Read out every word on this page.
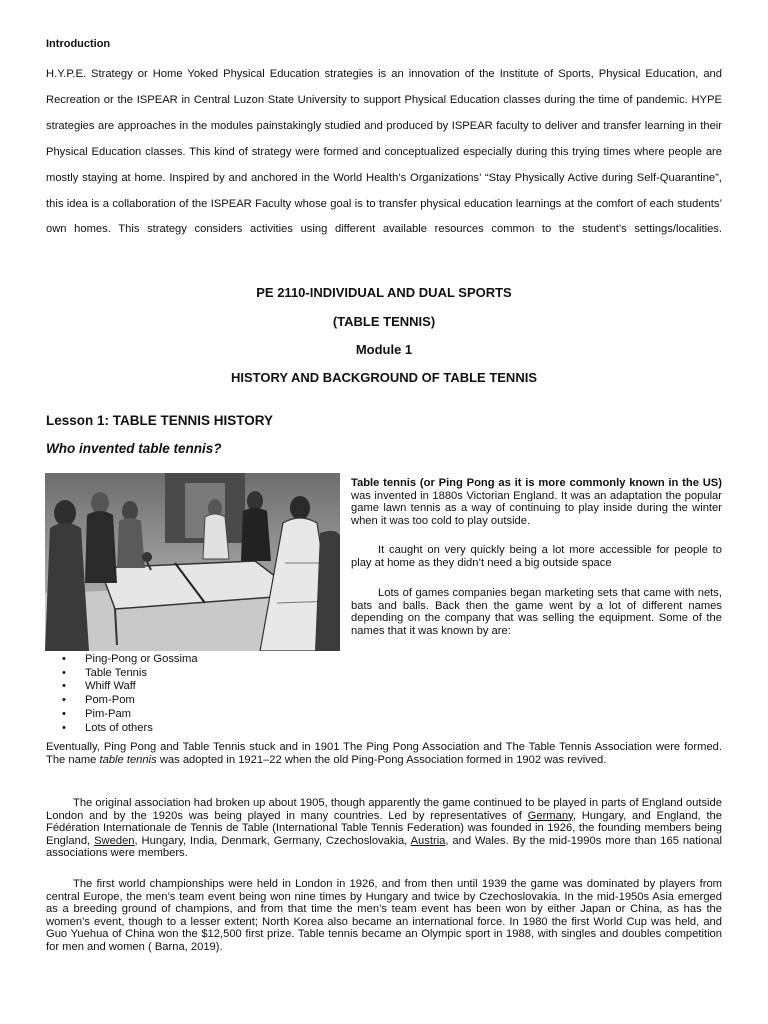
Introduction

H.Y.P.E. Strategy or Home Yoked Physical Education strategies is an innovation of the Institute of Sports, Physical Education, and Recreation or the ISPEAR in Central Luzon State University to support Physical Education classes during the time of pandemic. HYPE strategies are approaches in the modules painstakingly studied and produced by ISPEAR faculty to deliver and transfer learning in their Physical Education classes. This kind of strategy were formed and conceptualized especially during this trying times where people are mostly staying at home. Inspired by and anchored in the World Health’s Organizations’ “Stay Physically Active during Self-Quarantine”, this idea is a collaboration of the ISPEAR Faculty whose goal is to transfer physical education learnings at the comfort of each students’ own homes. This strategy considers activities using different available resources common to the student’s settings/localities.

PE 2110-INDIVIDUAL AND DUAL SPORTS
(TABLE TENNIS)
Module 1
HISTORY AND BACKGROUND OF TABLE TENNIS
Lesson 1: TABLE TENNIS HISTORY
Who invented table tennis?

Table tennis (or Ping Pong as it is more commonly known in the US) was invented in 1880s Victorian England. It was an adaptation the popular game lawn tennis as a way of continuing to play inside during the winter when it was too cold to play outside.

It caught on very quickly being a lot more accessible for people to play at home as they didn’t need a big outside space

Lots of games companies began marketing sets that came with nets, bats and balls. Back then the game went by a lot of different names depending on the company that was selling the equipment. Some of the names that it was known by are:

• Ping-Pong or Gossima
• Table Tennis
• Whiff Waff
• Pom-Pom
• Pim-Pam
• Lots of others

Eventually, Ping Pong and Table Tennis stuck and in 1901 The Ping Pong Association and The Table Tennis Association were formed. The name table tennis was adopted in 1921–22 when the old Ping-Pong Association formed in 1902 was revived.

The original association had broken up about 1905, though apparently the game continued to be played in parts of England outside London and by the 1920s was being played in many countries. Led by representatives of Germany, Hungary, and England, the Fédération Internationale de Tennis de Table (International Table Tennis Federation) was founded in 1926, the founding members being England, Sweden, Hungary, India, Denmark, Germany, Czechoslovakia, Austria, and Wales. By the mid-1990s more than 165 national associations were members.

The first world championships were held in London in 1926, and from then until 1939 the game was dominated by players from central Europe, the men’s team event being won nine times by Hungary and twice by Czechoslovakia. In the mid-1950s Asia emerged as a breeding ground of champions, and from that time the men’s team event has been won by either Japan or China, as has the women’s event, though to a lesser extent; North Korea also became an international force. In 1980 the first World Cup was held, and Guo Yuehua of China won the $12,500 first prize. Table tennis became an Olympic sport in 1988, with singles and doubles competition for men and women ( Barna, 2019).
